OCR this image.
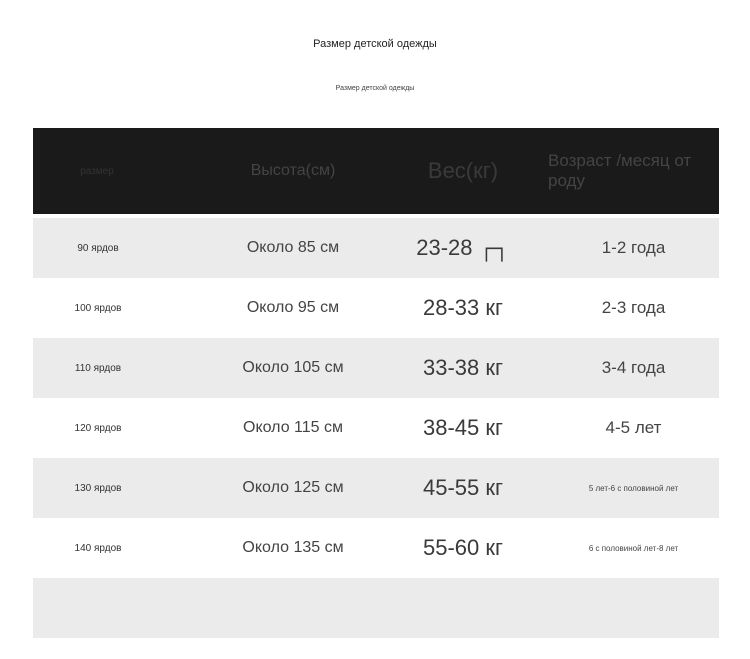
Размер детской одежды
Размер детской одежды
размер	Высота(см)	Вес(кг)	Возраст /месяц от роду
90 ярдов	Около 85 см	23-28 ┌┐	1-2 года
100 ярдов	Около 95 см	28-33 кг	2-3 года
110 ярдов	Около 105 см	33-38 кг	3-4 года
120 ярдов	Около 115 см	38-45 кг	4-5 лет
130 ярдов	Около 125 см	45-55 кг	5 лет-6 с половиной лет
140 ярдов	Около 135 см	55-60 кг	6 с половиной лет-8 лет
